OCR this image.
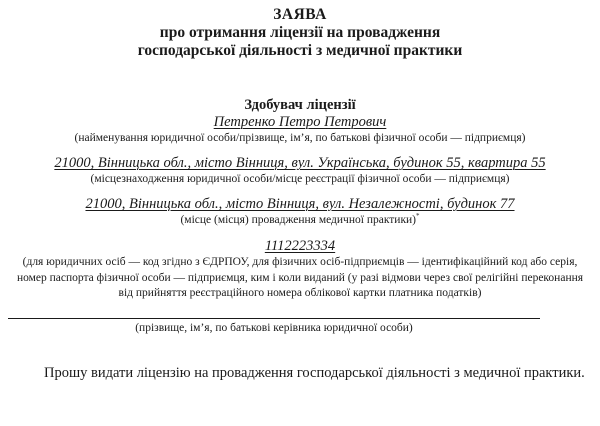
ЗАЯВА
про отримання ліцензії на провадження
господарської діяльності з медичної практики
Здобувач ліцензії
Петренко Петро Петрович
(найменування юридичної особи/прізвище, ім’я, по батькові фізичної особи — підприємця)
21000, Вінницька обл., місто Вінниця, вул. Українська, будинок 55, квартира 55
(місцезнаходження юридичної особи/місце реєстрації фізичної особи — підприємця)
21000, Вінницька обл., місто Вінниця, вул. Незалежності, будинок 77
(місце (місця) провадження медичної практики)*
1112223334
(для юридичних осіб — код згідно з ЄДРПОУ, для фізичних осіб-підприємців — ідентифікаційний код або серія, номер паспорта фізичної особи — підприємця, ким і коли виданий (у разі відмови через свої релігійні переконання від прийняття реєстраційного номера облікової картки платника податків)
(прізвище, ім’я, по батькові керівника юридичної особи)
Прошу видати ліцензію на провадження господарської діяльності з медичної практики.
